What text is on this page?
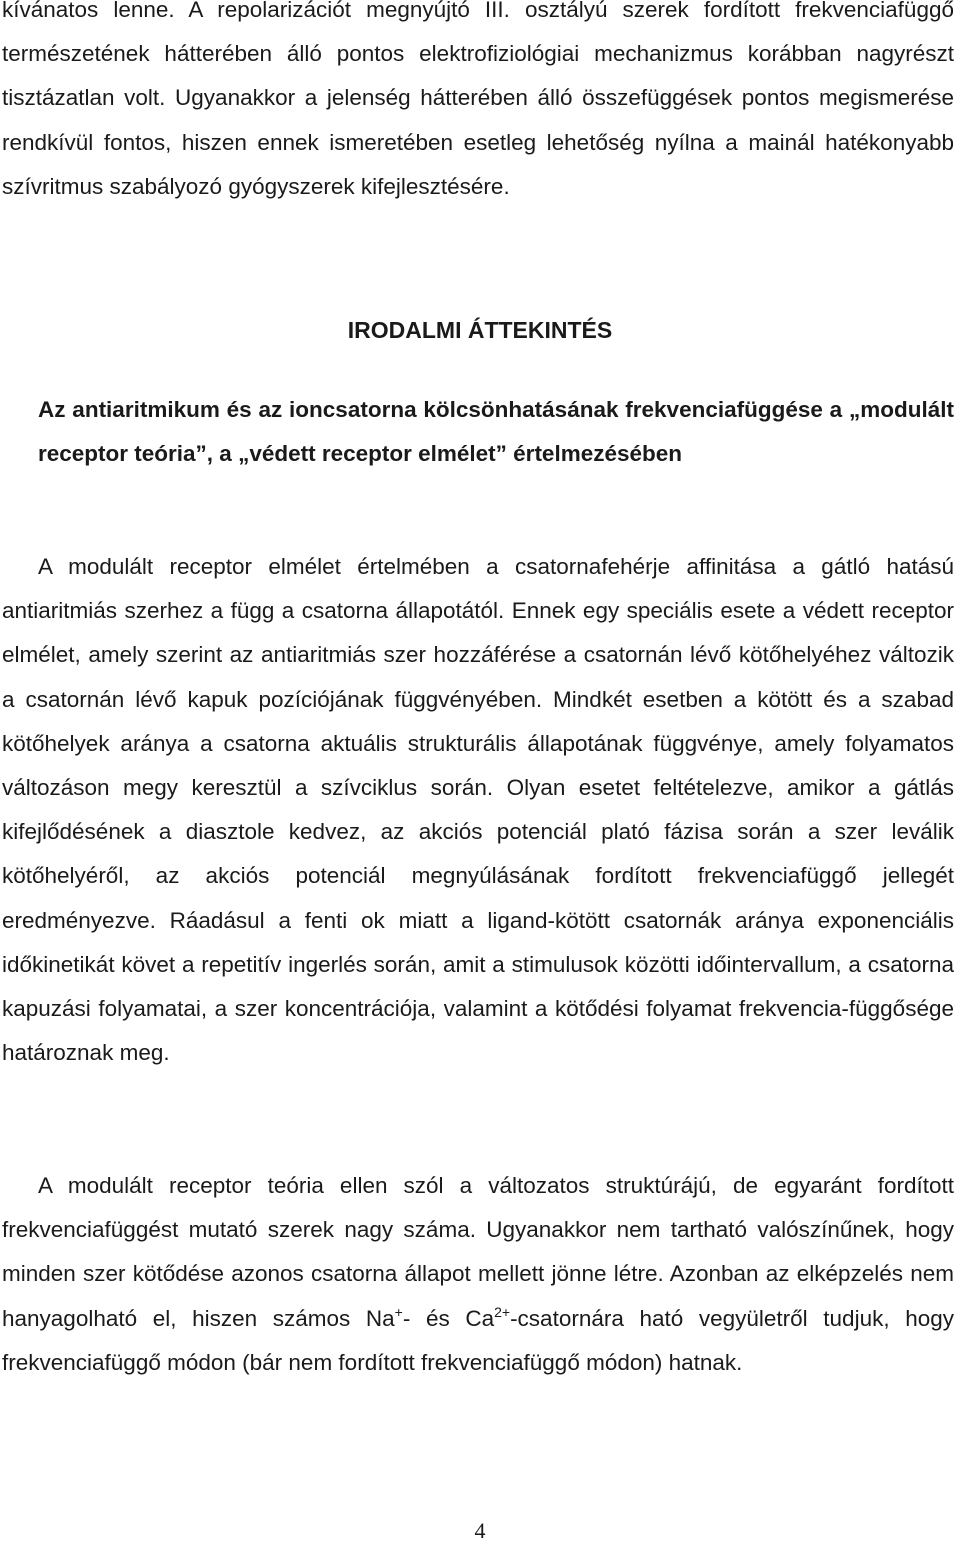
kívánatos lenne. A repolarizációt megnyújtó III. osztályú szerek fordított frekvenciafüggő természetének hátterében álló pontos elektrofiziológiai mechanizmus korábban nagyrészt tisztázatlan volt. Ugyanakkor a jelenség hátterében álló összefüggések pontos megismerése rendkívül fontos, hiszen ennek ismeretében esetleg lehetőség nyílna a mainál hatékonyabb szívritmus szabályozó gyógyszerek kifejlesztésére.

IRODALMI ÁTTEKINTÉS
Az antiaritmikum és az ioncsatorna kölcsönhatásának frekvenciafüggése a „modulált receptor teória”, a „védett receptor elmélet” értelmezésében

A modulált receptor elmélet értelmében a csatornafehérje affinitása a gátló hatású antiaritmiás szerhez a függ a csatorna állapotától. Ennek egy speciális esete a védett receptor elmélet, amely szerint az antiaritmiás szer hozzáférése a csatornán lévő kötőhelyéhez változik a csatornán lévő kapuk pozíciójának függvényében. Mindkét esetben a kötött és a szabad kötőhelyek aránya a csatorna aktuális strukturális állapotának függvénye, amely folyamatos változáson megy keresztül a szívciklus során. Olyan esetet feltételezve, amikor a gátlás kifejlődésének a diasztole kedvez, az akciós potenciál plató fázisa során a szer leválik kötőhelyéről, az akciós potenciál megnyúlásának fordított frekvenciafüggő jellegét eredményezve. Ráadásul a fenti ok miatt a ligand-kötött csatornák aránya exponenciális időkinetikát követ a repetitív ingerlés során, amit a stimulusok közötti időintervallum, a csatorna kapuzási folyamatai, a szer koncentrációja, valamint a kötődési folyamat frekvencia-függősége határoznak meg.

A modulált receptor teória ellen szól a változatos struktúrájú, de egyaránt fordított frekvenciafüggést mutató szerek nagy száma. Ugyanakkor nem tartható valószínűnek, hogy minden szer kötődése azonos csatorna állapot mellett jönne létre. Azonban az elképzelés nem hanyagolható el, hiszen számos Na+- és $Ca^{2+}$-csatornára ható vegyületről tudjuk, hogy frekvenciafüggő módon (bár nem fordított frekvenciafüggő módon) hatnak.

4
